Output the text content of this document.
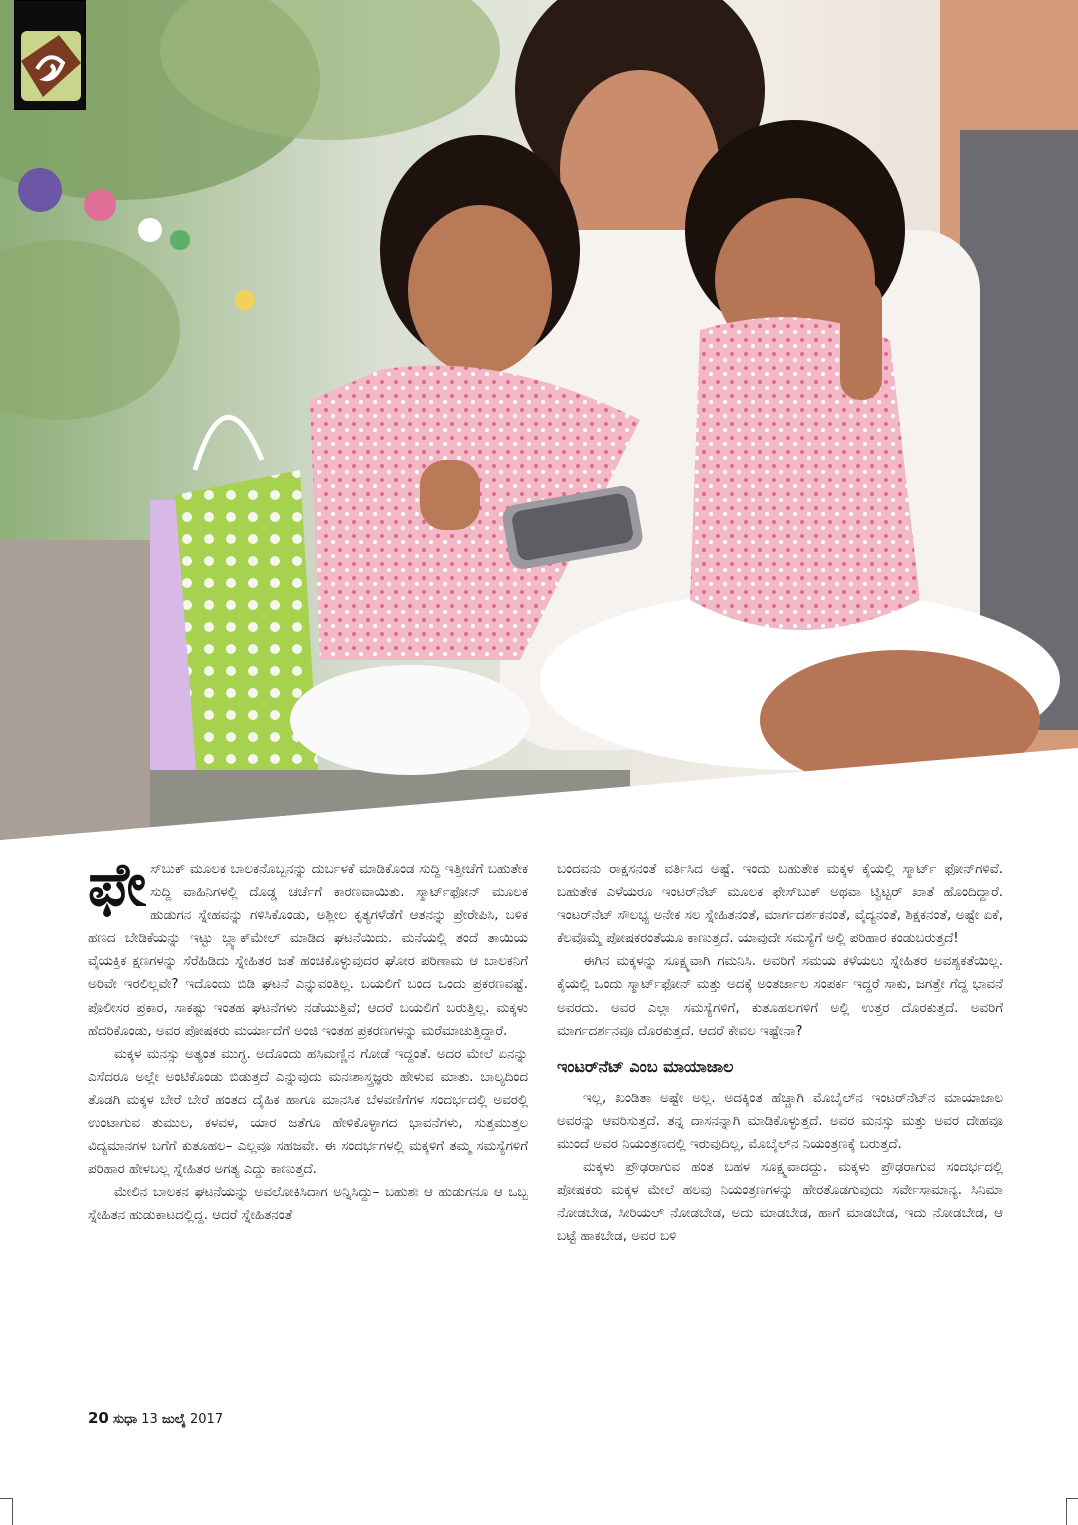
ಫೇಸ್‌ಬುಕ್ ಮೂಲಕ ಬಾಲಕನೊಬ್ಬನನ್ನು ದುರ್ಬಳಕೆ ಮಾಡಿಕೊಂಡ ಸುದ್ದಿ ಇತ್ತೀಚೆಗೆ ಬಹುತೇಕ ಸುದ್ದಿ ವಾಹಿನಿಗಳಲ್ಲಿ ದೊಡ್ಡ ಚರ್ಚೆಗೆ ಕಾರಣವಾಯಿತು. ಸ್ಮಾರ್ಟ್‌ಫೋನ್ ಮೂಲಕ ಹುಡುಗನ ಸ್ನೇಹವನ್ನು ಗಳಿಸಿಕೊಂಡು, ಅಶ್ಲೀಲ ಕೃತ್ಯಗಳೆಡೆಗೆ ಆತನನ್ನು ಪ್ರೇರೇಪಿಸಿ, ಬಳಿಕ ಹಣದ ಬೇಡಿಕೆಯನ್ನು ಇಟ್ಟು ಬ್ಲ್ಯಾಕ್‌ಮೇಲ್ ಮಾಡಿದ ಘಟನೆಯಿದು. ಮನೆಯಲ್ಲಿ ತಂದೆ ತಾಯಿಯ ವೈಯಕ್ತಿಕ ಕ್ಷಣಗಳನ್ನು ಸೆರೆಹಿಡಿದು ಸ್ನೇಹಿತರ ಜತೆ ಹಂಚಿಕೊಳ್ಳುವುದರ ಘೋರ ಪರಿಣಾಮ ಆ ಬಾಲಕನಿಗೆ ಅರಿವೇ ಇರಲಿಲ್ಲವೇ? ಇದೊಂದು ಬಿಡಿ ಘಟನೆ ಎನ್ನುವಂತಿಲ್ಲ. ಬಯಲಿಗೆ ಬಂದ ಒಂದು ಪ್ರಕರಣವಷ್ಟೆ. ಪೊಲೀಸರ ಪ್ರಕಾರ, ಸಾಕಷ್ಟು ಇಂತಹ ಘಟನೆಗಳು ನಡೆಯುತ್ತಿವೆ; ಆದರೆ ಬಯಲಿಗೆ ಬರುತ್ತಿಲ್ಲ. ಮಕ್ಕಳು ಹೆದರಿಕೊಂಡು, ಅವರ ಪೋಷಕರು ಮರ್ಯಾದೆಗೆ ಅಂಜಿ ಇಂತಹ ಪ್ರಕರಣಗಳನ್ನು ಮರೆಮಾಚುತ್ತಿದ್ದಾರೆ.

ಮಕ್ಕಳ ಮನಸ್ಸು ಅತ್ಯಂತ ಮುಗ್ಧ. ಅದೊಂದು ಹಸಿಮಣ್ಣಿನ ಗೋಡೆ ಇದ್ದಂತೆ. ಅದರ ಮೇಲೆ ಏನನ್ನು ಎಸೆದರೂ ಅಲ್ಲೇ ಅಂಟಿಕೊಂಡು ಬಿಡುತ್ತದೆ ಎನ್ನುವುದು ಮನಃಶಾಸ್ತ್ರಜ್ಞರು ಹೇಳುವ ಮಾತು. ಬಾಲ್ಯದಿಂದ ತೊಡಗಿ ಮಕ್ಕಳ ಬೇರೆ ಬೇರೆ ಹಂತದ ದೈಹಿಕ ಹಾಗೂ ಮಾನಸಿಕ ಬೆಳವಣಿಗೆಗಳ ಸಂದರ್ಭದಲ್ಲಿ ಅವರಲ್ಲಿ ಉಂಟಾಗುವ ತುಮುಲ, ಕಳವಳ, ಯಾರ ಜತೆಗೂ ಹೇಳಿಕೊಳ್ಳಾಗದ ಭಾವನೆಗಳು, ಸುತ್ತಮುತ್ತಲ ವಿದ್ಯಮಾನಗಳ ಬಗೆಗೆ ಕುತೂಹಲ– ಎಲ್ಲವೂ ಸಹಜವೇ. ಈ ಸಂದರ್ಭಗಳಲ್ಲಿ ಮಕ್ಕಳಿಗೆ ತಮ್ಮ ಸಮಸ್ಯೆಗಳಿಗೆ ಪರಿಹಾರ ಹೇಳಬಲ್ಲ ಸ್ನೇಹಿತರ ಅಗತ್ಯ ಎದ್ದು ಕಾಣುತ್ತದೆ.

ಮೇಲಿನ ಬಾಲಕನ ಘಟನೆಯನ್ನು ಅವಲೋಕಿಸಿದಾಗ ಅನ್ನಿಸಿದ್ದು– ಬಹುಶಃ ಆ ಹುಡುಗನೂ ಆ ಒಬ್ಬ ಸ್ನೇಹಿತನ ಹುಡುಕಾಟದಲ್ಲಿದ್ದ. ಆದರೆ ಸ್ನೇಹಿತನಂತೆ

ಬಂದವನು ರಾಕ್ಷಸನಂತೆ ವರ್ತಿಸಿದ ಅಷ್ಟೆ. ಇಂದು ಬಹುತೇಕ ಮಕ್ಕಳ ಕೈಯಲ್ಲಿ ಸ್ಮಾರ್ಟ್ ಫೋನ್‌ಗಳಿವೆ. ಬಹುತೇಕ ಎಳೆಯರೂ ಇಂಟರ್‌ನೆಟ್ ಮೂಲಕ ಫೇಸ್‌ಬುಕ್ ಅಥವಾ ಟ್ವಿಟ್ಟರ್ ಖಾತೆ ಹೊಂದಿದ್ದಾರೆ. ಇಂಟರ್‌ನೆಟ್ ಸೌಲಭ್ಯ ಅನೇಕ ಸಲ ಸ್ನೇಹಿತನಂತೆ, ಮಾರ್ಗದರ್ಶಕನಂತೆ, ವೈದ್ಯನಂತೆ, ಶಿಕ್ಷಕನಂತೆ, ಅಷ್ಟೇ ಏಕೆ, ಕೆಲವೊಮ್ಮೆ ಪೋಷಕರಂತೆಯೂ ಕಾಣುತ್ತದೆ. ಯಾವುದೇ ಸಮಸ್ಯೆಗೆ ಅಲ್ಲಿ ಪರಿಹಾರ ಕಂಡುಬರುತ್ತದೆ!

ಈಗಿನ ಮಕ್ಕಳನ್ನು ಸೂಕ್ಷ್ಮವಾಗಿ ಗಮನಿಸಿ. ಅವರಿಗೆ ಸಮಯ ಕಳೆಯಲು ಸ್ನೇಹಿತರ ಅವಶ್ಯಕತೆಯಿಲ್ಲ. ಕೈಯಲ್ಲಿ ಒಂದು ಸ್ಮಾರ್ಟ್‌ಫೋನ್ ಮತ್ತು ಅದಕ್ಕೆ ಅಂತರ್ಜಾಲ ಸಂಪರ್ಕ ಇದ್ದರೆ ಸಾಕು, ಜಗತ್ತೇ ಗೆದ್ದ ಭಾವನೆ ಅವರದು. ಅವರ ಎಲ್ಲಾ ಸಮಸ್ಯೆಗಳಿಗೆ, ಕುತೂಹಲಗಳಿಗೆ ಅಲ್ಲಿ ಉತ್ತರ ದೊರಕುತ್ತದೆ. ಅವರಿಗೆ ಮಾರ್ಗದರ್ಶನವೂ ದೊರಕುತ್ತದೆ. ಆದರೆ ಕೇವಲ ಇಷ್ಟೇನಾ?

ಇಂಟರ್‌ನೆಟ್ ಎಂಬ ಮಾಯಾಜಾಲ

ಇಲ್ಲ, ಖಂಡಿತಾ ಅಷ್ಟೇ ಅಲ್ಲ. ಅದಕ್ಕಿಂತ ಹೆಚ್ಚಾಗಿ ಮೊಬೈಲ್‌ನ ಇಂಟರ್‌ನೆಟ್‌ನ ಮಾಯಾಜಾಲ ಅವರನ್ನು ಆವರಿಸುತ್ತದೆ. ತನ್ನ ದಾಸನನ್ನಾಗಿ ಮಾಡಿಕೊಳ್ಳುತ್ತದೆ. ಅವರ ಮನಸ್ಸು ಮತ್ತು ಅವರ ದೇಹವೂ ಮುಂದೆ ಅವರ ನಿಯಂತ್ರಣದಲ್ಲಿ ಇರುವುದಿಲ್ಲ, ಮೊಬೈಲ್‌ನ ನಿಯಂತ್ರಣಕ್ಕೆ ಬರುತ್ತದೆ.

ಮಕ್ಕಳು ಪ್ರೌಢರಾಗುವ ಹಂತ ಬಹಳ ಸೂಕ್ಷ್ಮವಾದದ್ದು. ಮಕ್ಕಳು ಪ್ರೌಢರಾಗುವ ಸಂದರ್ಭದಲ್ಲಿ ಪೋಷಕರು ಮಕ್ಕಳ ಮೇಲೆ ಹಲವು ನಿಯಂತ್ರಣಗಳನ್ನು ಹೇರತೊಡಗುವುದು ಸರ್ವೇಸಾಮಾನ್ಯ. ಸಿನಿಮಾ ನೋಡಬೇಡ, ಸೀರಿಯಲ್ ನೋಡಬೇಡ, ಅದು ಮಾಡಬೇಡ, ಹಾಗೆ ಮಾಡಬೇಡ, ಇದು ನೋಡಬೇಡ, ಆ ಬಟ್ಟೆ ಹಾಕಬೇಡ, ಅವರ ಬಳಿ

20 ಸುಧಾ 13 ಜುಲೈ 2017
